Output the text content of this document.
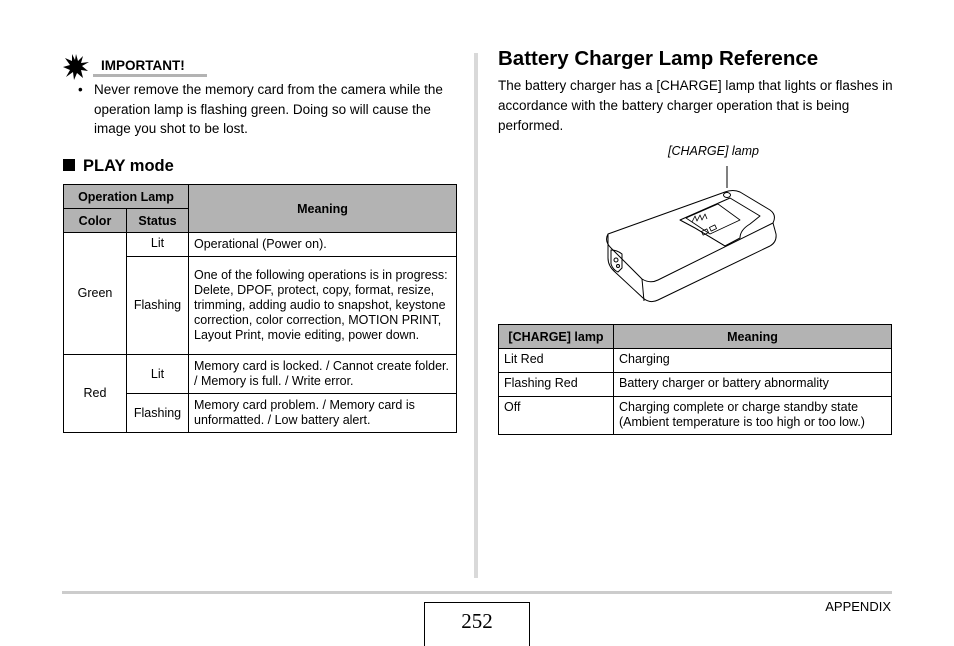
IMPORTANT!
• Never remove the memory card from the camera while the operation lamp is flashing green. Doing so will cause the image you shot to be lost.
PLAY mode
Operation Lamp		Meaning
Color	Status	
Green	Lit	Operational (Power on).
	Flashing	One of the following operations is in progress: Delete, DPOF, protect, copy, format, resize, trimming, adding audio to snapshot, keystone correction, color correction, MOTION PRINT, Layout Print, movie editing, power down.
Red	Lit	Memory card is locked. / Cannot create folder. / Memory is full. / Write error.
	Flashing	Memory card problem. / Memory card is unformatted. / Low battery alert.
Battery Charger Lamp Reference
The battery charger has a [CHARGE] lamp that lights or flashes in accordance with the battery charger operation that is being performed.
[CHARGE] lamp
[CHARGE] lamp	Meaning
Lit Red	Charging
Flashing Red	Battery charger or battery abnormality
Off	Charging complete or charge standby state (Ambient temperature is too high or too low.)
252
APPENDIX
